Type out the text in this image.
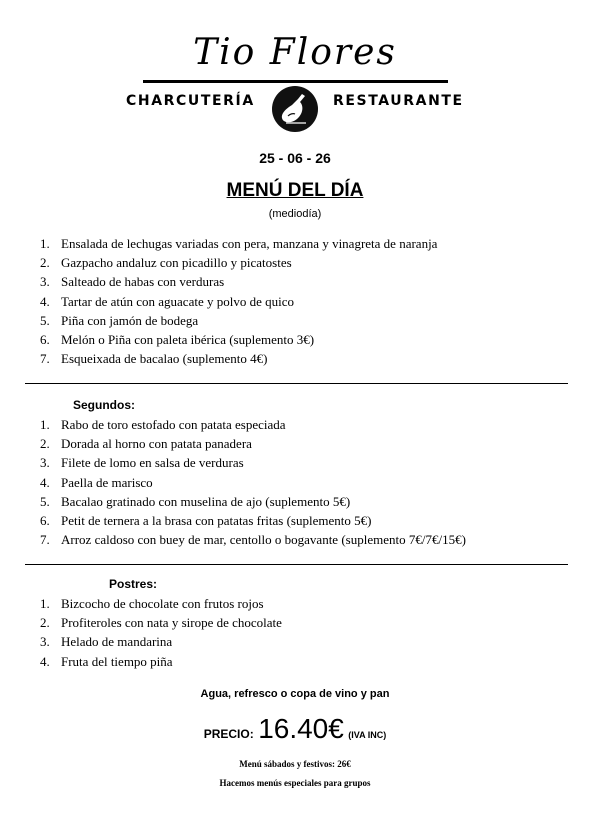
Tio Flores
CHARCUTERÍA	RESTAURANTE
25 - 06 - 26
MENÚ DEL DÍA
(mediodía)
1. Ensalada de lechugas variadas con pera, manzana y vinagreta de naranja
2. Gazpacho andaluz con picadillo y picatostes
3. Salteado de habas con verduras
4. Tartar de atún con aguacate y polvo de quico
5. Piña con jamón de bodega
6. Melón o Piña con paleta ibérica (suplemento 3€)
7. Esqueixada de bacalao (suplemento 4€)
Segundos:
1. Rabo de toro estofado con patata especiada
2. Dorada al horno con patata panadera
3. Filete de lomo en salsa de verduras
4. Paella de marisco
5. Bacalao gratinado con muselina de ajo (suplemento 5€)
6. Petit de ternera a la brasa con patatas fritas (suplemento 5€)
7. Arroz caldoso con buey de mar, centollo o bogavante (suplemento 7€/7€/15€)
Postres:
1. Bizcocho de chocolate con frutos rojos
2. Profiteroles con nata y sirope de chocolate
3. Helado de mandarina
4. Fruta del tiempo piña
Agua, refresco o copa de vino y pan
PRECIO: 16.40€ (IVA INC)
Menú sábados y festivos: 26€
Hacemos menús especiales para grupos
